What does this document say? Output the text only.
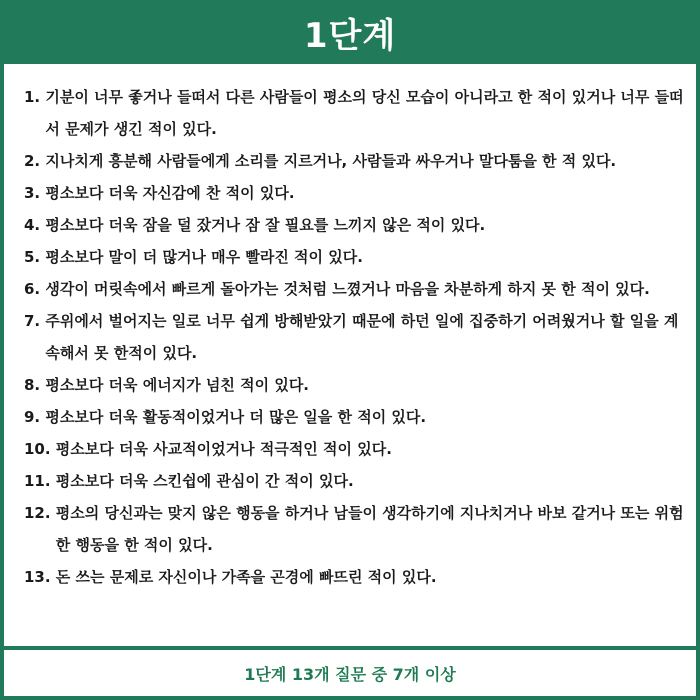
1단계
1. 기분이 너무 좋거나 들떠서 다른 사람들이 평소의 당신 모습이 아니라고 한 적이 있거나 너무 들떠서 문제가 생긴 적이 있다.
2. 지나치게 흥분해 사람들에게 소리를 지르거나, 사람들과 싸우거나 말다툼을 한 적 있다.
3. 평소보다 더욱 자신감에 찬 적이 있다.
4. 평소보다 더욱 잠을 덜 잤거나 잠 잘 필요를 느끼지 않은 적이 있다.
5. 평소보다 말이 더 많거나 매우 빨라진 적이 있다.
6. 생각이 머릿속에서 빠르게 돌아가는 것처럼 느꼈거나 마음을 차분하게 하지 못 한 적이 있다.
7. 주위에서 벌어지는 일로 너무 쉽게 방해받았기 때문에 하던 일에 집중하기 어려웠거나 할 일을 계속해서 못 한적이 있다.
8. 평소보다 더욱 에너지가 넘친 적이 있다.
9. 평소보다 더욱 활동적이었거나 더 많은 일을 한 적이 있다.
10. 평소보다 더욱 사교적이었거나 적극적인 적이 있다.
11. 평소보다 더욱 스킨쉽에 관심이 간 적이 있다.
12. 평소의 당신과는 맞지 않은 행동을 하거나 남들이 생각하기에 지나치거나 바보 같거나 또는 위험한 행동을 한 적이 있다.
13. 돈 쓰는 문제로 자신이나 가족을 곤경에 빠뜨린 적이 있다.
1단계 13개 질문 중 7개 이상
